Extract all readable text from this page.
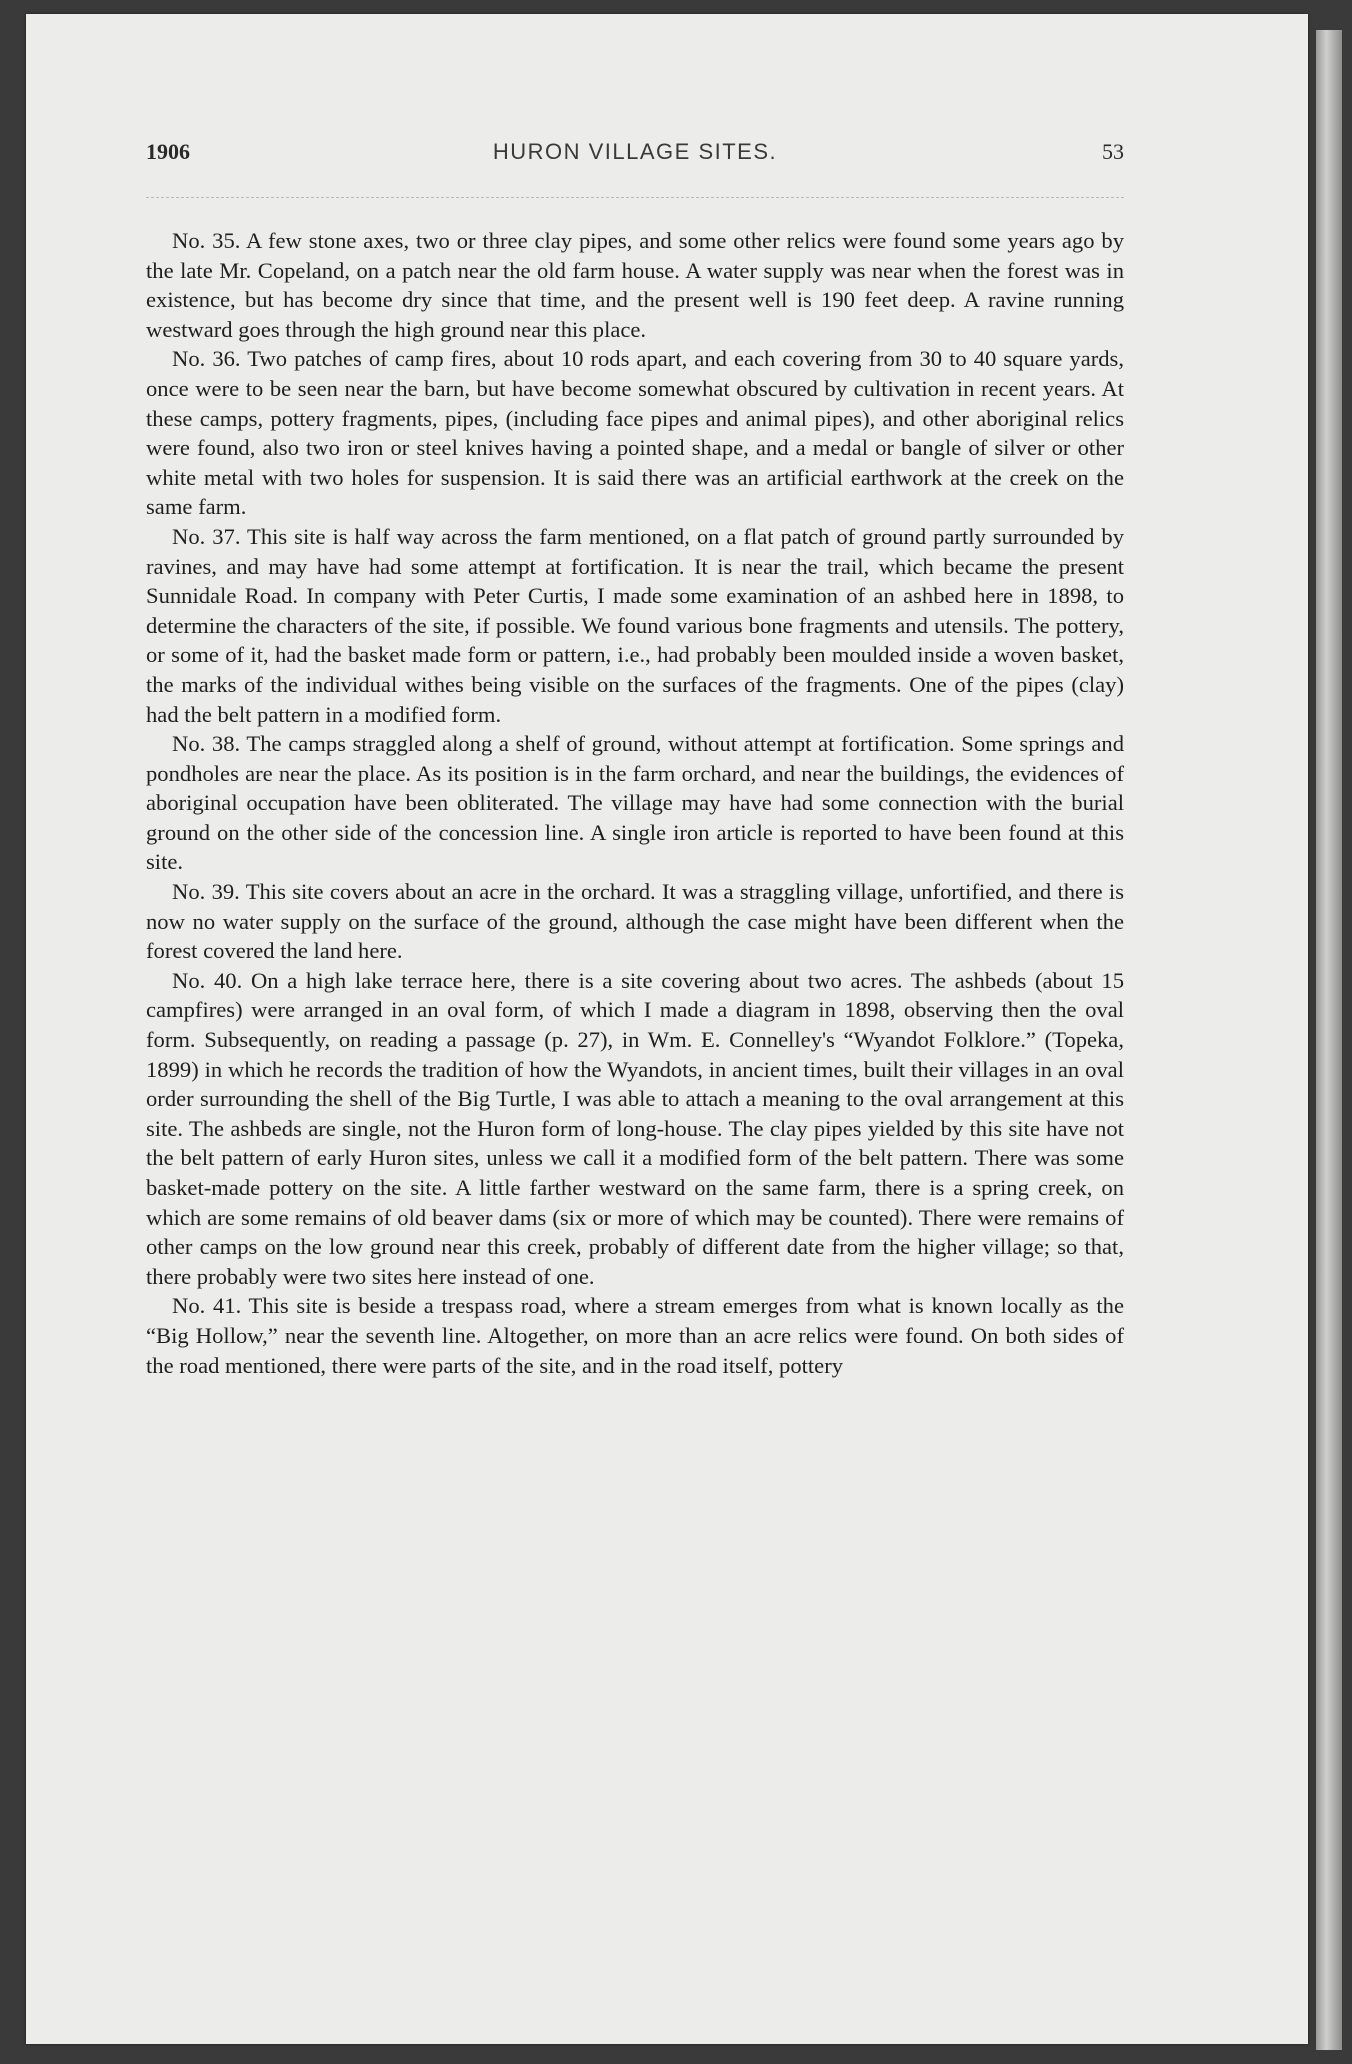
HURON VILLAGE SITES.
1906	53

No. 35. A few stone axes, two or three clay pipes, and some other relics were found some years ago by the late Mr. Copeland, on a patch near the old farm house. A water supply was near when the forest was in existence, but has become dry since that time, and the present well is 190 feet deep. A ravine running westward goes through the high ground near this place.

No. 36. Two patches of camp fires, about 10 rods apart, and each covering from 30 to 40 square yards, once were to be seen near the barn, but have become somewhat obscured by cultivation in recent years. At these camps, pottery fragments, pipes, (including face pipes and animal pipes), and other aboriginal relics were found, also two iron or steel knives having a pointed shape, and a medal or bangle of silver or other white metal with two holes for suspension. It is said there was an artificial earthwork at the creek on the same farm.

No. 37. This site is half way across the farm mentioned, on a flat patch of ground partly surrounded by ravines, and may have had some attempt at fortification. It is near the trail, which became the present Sunnidale Road. In company with Peter Curtis, I made some examination of an ashbed here in 1898, to determine the characters of the site, if possible. We found various bone fragments and utensils. The pottery, or some of it, had the basket made form or pattern, i.e., had probably been moulded inside a woven basket, the marks of the individual withes being visible on the surfaces of the fragments. One of the pipes (clay) had the belt pattern in a modified form.

No. 38. The camps straggled along a shelf of ground, without attempt at fortification. Some springs and pondholes are near the place. As its position is in the farm orchard, and near the buildings, the evidences of aboriginal occupation have been obliterated. The village may have had some connection with the burial ground on the other side of the concession line. A single iron article is reported to have been found at this site.

No. 39. This site covers about an acre in the orchard. It was a straggling village, unfortified, and there is now no water supply on the surface of the ground, although the case might have been different when the forest covered the land here.

No. 40. On a high lake terrace here, there is a site covering about two acres. The ashbeds (about 15 campfires) were arranged in an oval form, of which I made a diagram in 1898, observing then the oval form. Subsequently, on reading a passage (p. 27), in Wm. E. Connelley's “Wyandot Folklore.” (Topeka, 1899) in which he records the tradition of how the Wyandots, in ancient times, built their villages in an oval order surrounding the shell of the Big Turtle, I was able to attach a meaning to the oval arrangement at this site. The ashbeds are single, not the Huron form of long-house. The clay pipes yielded by this site have not the belt pattern of early Huron sites, unless we call it a modified form of the belt pattern. There was some basket-made pottery on the site. A little farther westward on the same farm, there is a spring creek, on which are some remains of old beaver dams (six or more of which may be counted). There were remains of other camps on the low ground near this creek, probably of different date from the higher village; so that, there probably were two sites here instead of one.

No. 41. This site is beside a trespass road, where a stream emerges from what is known locally as the “Big Hollow,” near the seventh line. Altogether, on more than an acre relics were found. On both sides of the road mentioned, there were parts of the site, and in the road itself, pottery
